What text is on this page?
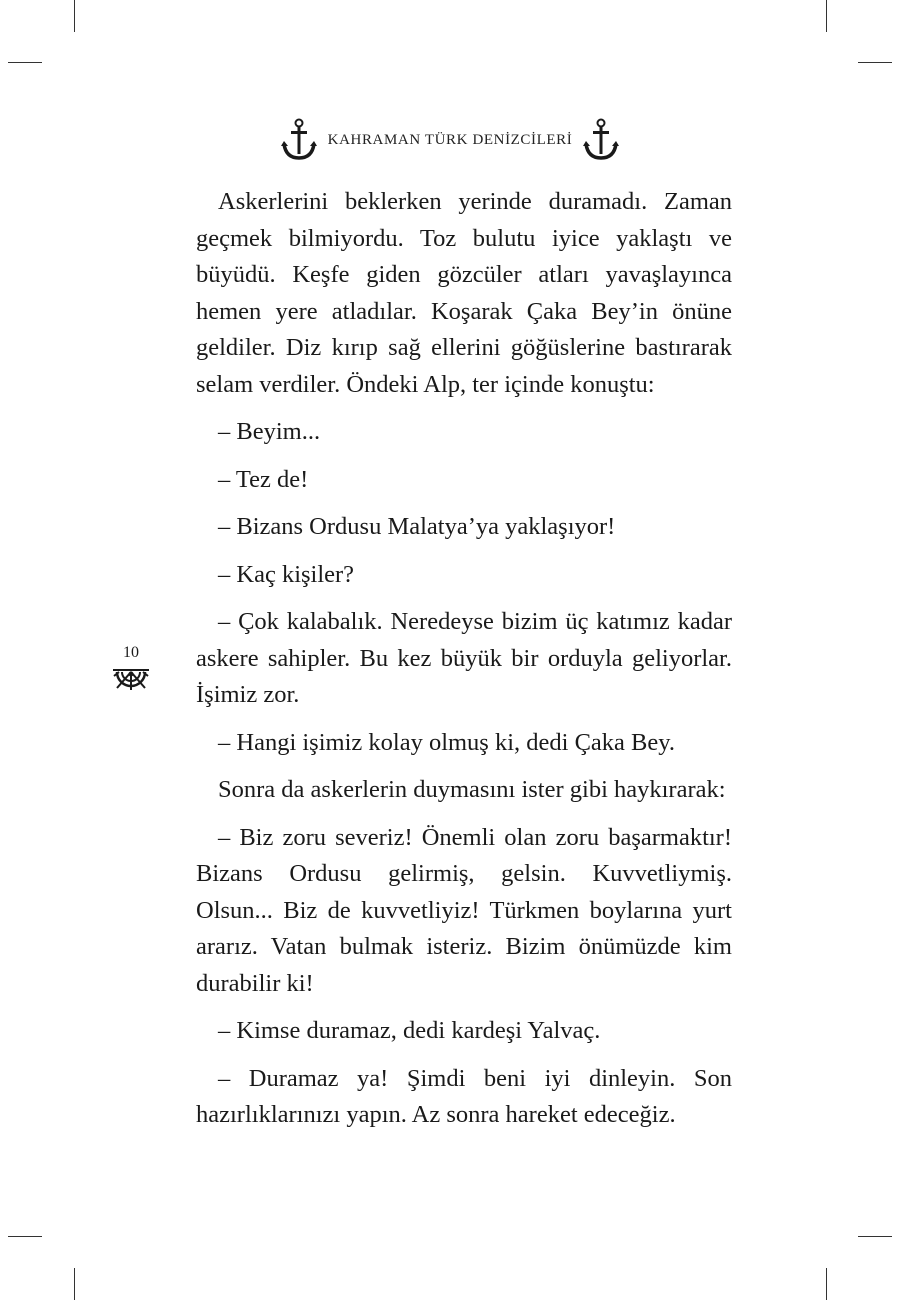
KAHRAMAN TÜRK DENİZCİLERİ
10

Askerlerini beklerken yerinde duramadı. Zaman geçmek bilmiyordu. Toz bulutu iyice yaklaştı ve büyüdü. Keşfe giden gözcüler atları yavaşlayınca hemen yere atladılar. Koşarak Çaka Bey’in önüne geldiler. Diz kırıp sağ ellerini göğüslerine bastırarak selam verdiler. Öndeki Alp, ter içinde konuştu:

– Beyim...

– Tez de!

– Bizans Ordusu Malatya’ya yaklaşıyor!

– Kaç kişiler?

– Çok kalabalık. Neredeyse bizim üç katımız kadar askere sahipler. Bu kez büyük bir orduyla geliyorlar. İşimiz zor.

– Hangi işimiz kolay olmuş ki, dedi Çaka Bey.

Sonra da askerlerin duymasını ister gibi haykırarak:

– Biz zoru severiz! Önemli olan zoru başarmaktır! Bizans Ordusu gelirmiş, gelsin. Kuvvetliymiş. Olsun... Biz de kuvvetliyiz! Türkmen boylarına yurt ararız. Vatan bulmak isteriz. Bizim önümüzde kim durabilir ki!

– Kimse duramaz, dedi kardeşi Yalvaç.

– Duramaz ya! Şimdi beni iyi dinleyin. Son hazırlıklarınızı yapın. Az sonra hareket edeceğiz.
